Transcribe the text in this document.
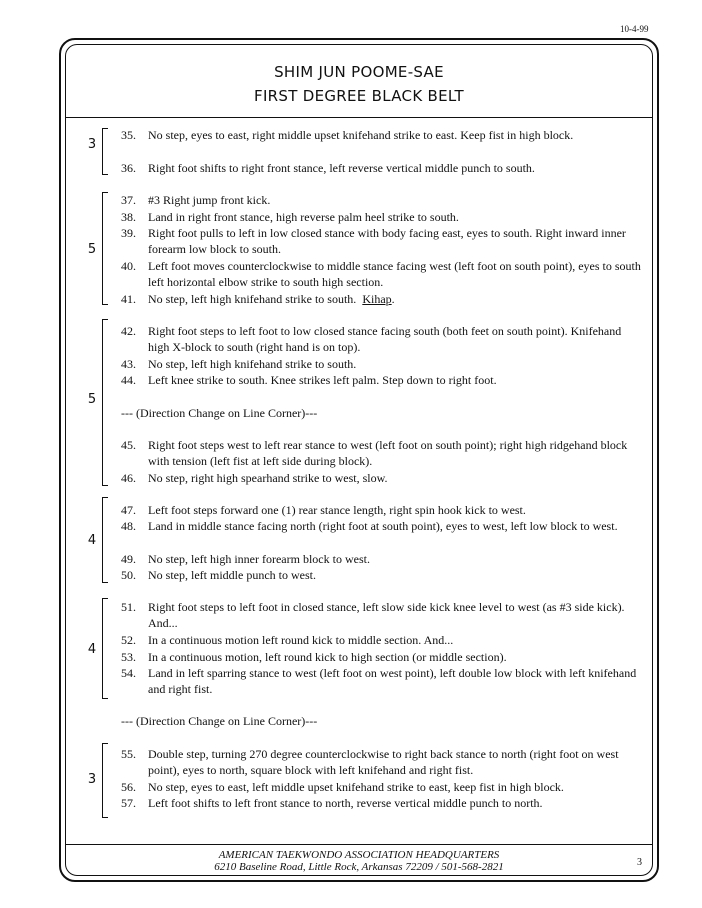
10-4-99
SHIM JUN POOME-SAE
FIRST DEGREE BLACK BELT
3
35.	No step, eyes to east, right middle upset knifehand strike to east. Keep fist in high block.
36.	Right foot shifts to right front stance, left reverse vertical middle punch to south.
5
37.	#3 Right jump front kick.
38.	Land in right front stance, high reverse palm heel strike to south.
39.	Right foot pulls to left in low closed stance with body facing east, eyes to south. Right inward inner forearm low block to south.
40.	Left foot moves counterclockwise to middle stance facing west (left foot on south point), eyes to south left horizontal elbow strike to south high section.
41.	No step, left high knifehand strike to south. Kihap.
5
42.	Right foot steps to left foot to low closed stance facing south (both feet on south point). Knifehand high X-block to south (right hand is on top).
43.	No step, left high knifehand strike to south.
44.	Left knee strike to south. Knee strikes left palm. Step down to right foot.
--- (Direction Change on Line Corner)---
45.	Right foot steps west to left rear stance to west (left foot on south point); right high ridgehand block with tension (left fist at left side during block).
46.	No step, right high spearhand strike to west, slow.
4
47.	Left foot steps forward one (1) rear stance length, right spin hook kick to west.
48.	Land in middle stance facing north (right foot at south point), eyes to west, left low block to west.
49.	No step, left high inner forearm block to west.
50.	No step, left middle punch to west.
4
51.	Right foot steps to left foot in closed stance, left slow side kick knee level to west (as #3 side kick). And...
52.	In a continuous motion left round kick to middle section. And...
53.	In a continuous motion, left round kick to high section (or middle section).
54.	Land in left sparring stance to west (left foot on west point), left double low block with left knifehand and right fist.
--- (Direction Change on Line Corner)---
3
55.	Double step, turning 270 degree counterclockwise to right back stance to north (right foot on west point), eyes to north, square block with left knifehand and right fist.
56.	No step, eyes to east, left middle upset knifehand strike to east, keep fist in high block.
57.	Left foot shifts to left front stance to north, reverse vertical middle punch to north.
AMERICAN TAEKWONDO ASSOCIATION HEADQUARTERS
6210 Baseline Road, Little Rock, Arkansas 72209 / 501-568-2821	3
